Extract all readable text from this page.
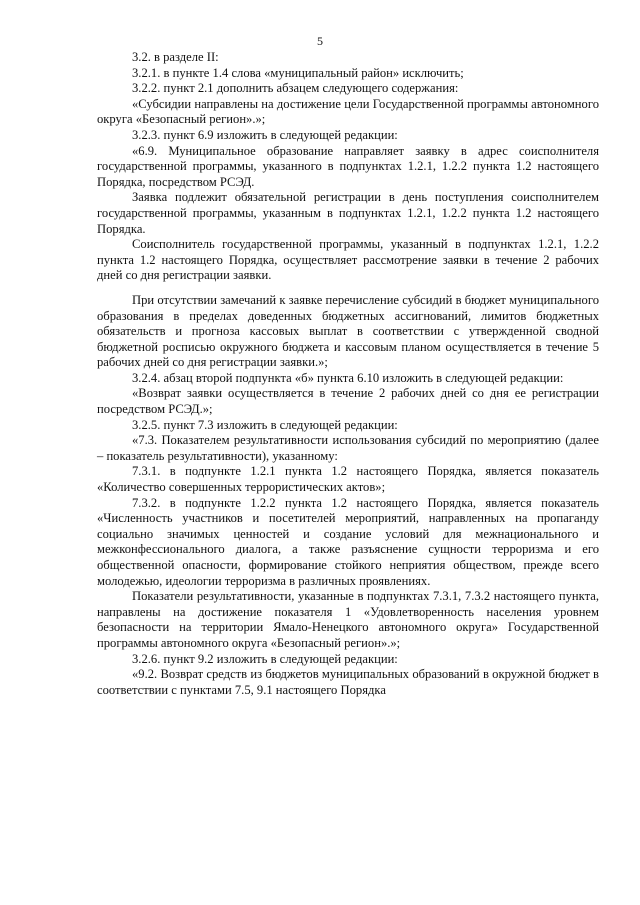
5

3.2. в разделе II:

3.2.1. в пункте 1.4 слова «муниципальный район» исключить;

3.2.2. пункт 2.1 дополнить абзацем следующего содержания:

«Субсидии направлены на достижение цели Государственной программы автономного округа «Безопасный регион».»;

3.2.3. пункт 6.9 изложить в следующей редакции:

«6.9. Муниципальное образование направляет заявку в адрес соисполнителя государственной программы, указанного в подпунктах 1.2.1, 1.2.2 пункта 1.2 настоящего Порядка, посредством РСЭД.

Заявка подлежит обязательной регистрации в день поступления соисполнителем государственной программы, указанным в подпунктах 1.2.1, 1.2.2 пункта 1.2 настоящего Порядка.

Соисполнитель государственной программы, указанный в подпунктах 1.2.1, 1.2.2 пункта 1.2 настоящего Порядка, осуществляет рассмотрение заявки в течение 2 рабочих дней со дня регистрации заявки.

При отсутствии замечаний к заявке перечисление субсидий в бюджет муниципального образования в пределах доведенных бюджетных ассигнований, лимитов бюджетных обязательств и прогноза кассовых выплат в соответствии с утвержденной сводной бюджетной росписью окружного бюджета и кассовым планом осуществляется в течение 5 рабочих дней со дня регистрации заявки.»;

3.2.4. абзац второй подпункта «б» пункта 6.10 изложить в следующей редакции:

«Возврат заявки осуществляется в течение 2 рабочих дней со дня ее регистрации посредством РСЭД.»;

3.2.5. пункт 7.3 изложить в следующей редакции:

«7.3. Показателем результативности использования субсидий по мероприятию (далее – показатель результативности), указанному:

7.3.1. в подпункте 1.2.1 пункта 1.2 настоящего Порядка, является показатель «Количество совершенных террористических актов»;

7.3.2. в подпункте 1.2.2 пункта 1.2 настоящего Порядка, является показатель «Численность участников и посетителей мероприятий, направленных на пропаганду социально значимых ценностей и создание условий для межнационального и межконфессионального диалога, а также разъяснение сущности терроризма и его общественной опасности, формирование стойкого неприятия обществом, прежде всего молодежью, идеологии терроризма в различных проявлениях.

Показатели результативности, указанные в подпунктах 7.3.1, 7.3.2 настоящего пункта, направлены на достижение показателя 1 «Удовлетворенность населения уровнем безопасности на территории Ямало-Ненецкого автономного округа» Государственной программы автономного округа «Безопасный регион».»;

3.2.6. пункт 9.2 изложить в следующей редакции:

«9.2. Возврат средств из бюджетов муниципальных образований в окружной бюджет в соответствии с пунктами 7.5, 9.1 настоящего Порядка
